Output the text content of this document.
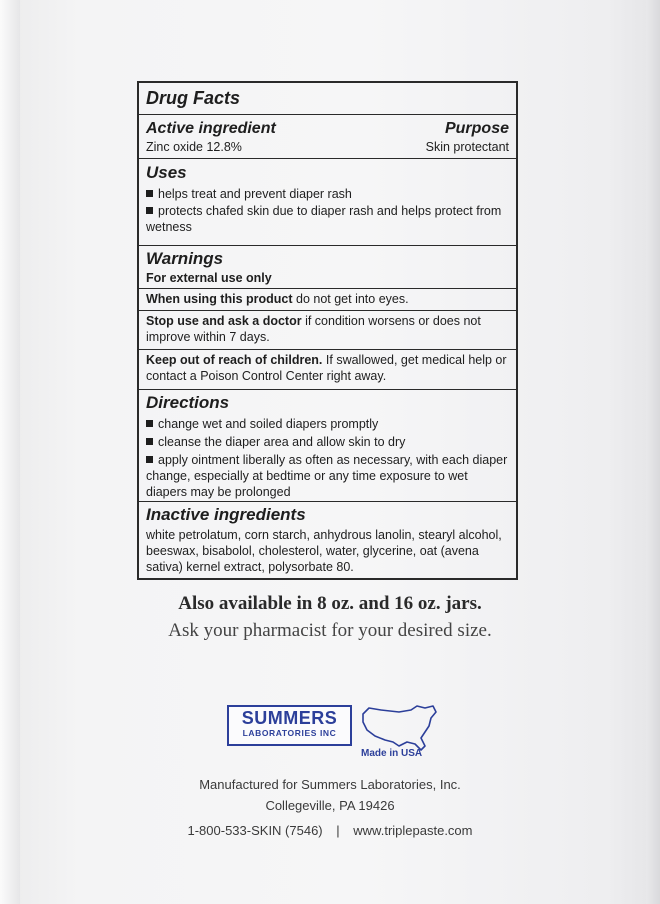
Drug Facts
Active ingredient	Purpose
Zinc oxide 12.8%	Skin protectant
Uses
helps treat and prevent diaper rash
protects chafed skin due to diaper rash and helps protect from wetness
Warnings
For external use only
When using this product do not get into eyes.
Stop use and ask a doctor if condition worsens or does not improve within 7 days.
Keep out of reach of children. If swallowed, get medical help or contact a Poison Control Center right away.
Directions
change wet and soiled diapers promptly
cleanse the diaper area and allow skin to dry
apply ointment liberally as often as necessary, with each diaper change, especially at bedtime or any time exposure to wet diapers may be prolonged
Inactive ingredients
white petrolatum, corn starch, anhydrous lanolin, stearyl alcohol, beeswax, bisabolol, cholesterol, water, glycerine, oat (avena sativa) kernel extract, polysorbate 80.
Also available in 8 oz. and 16 oz. jars.
Ask your pharmacist for your desired size.
SUMMERS
LABORATORIES INC
Made in USA
Manufactured for Summers Laboratories, Inc.
Collegeville, PA 19426
1-800-533-SKIN (7546) | www.triplepaste.com
